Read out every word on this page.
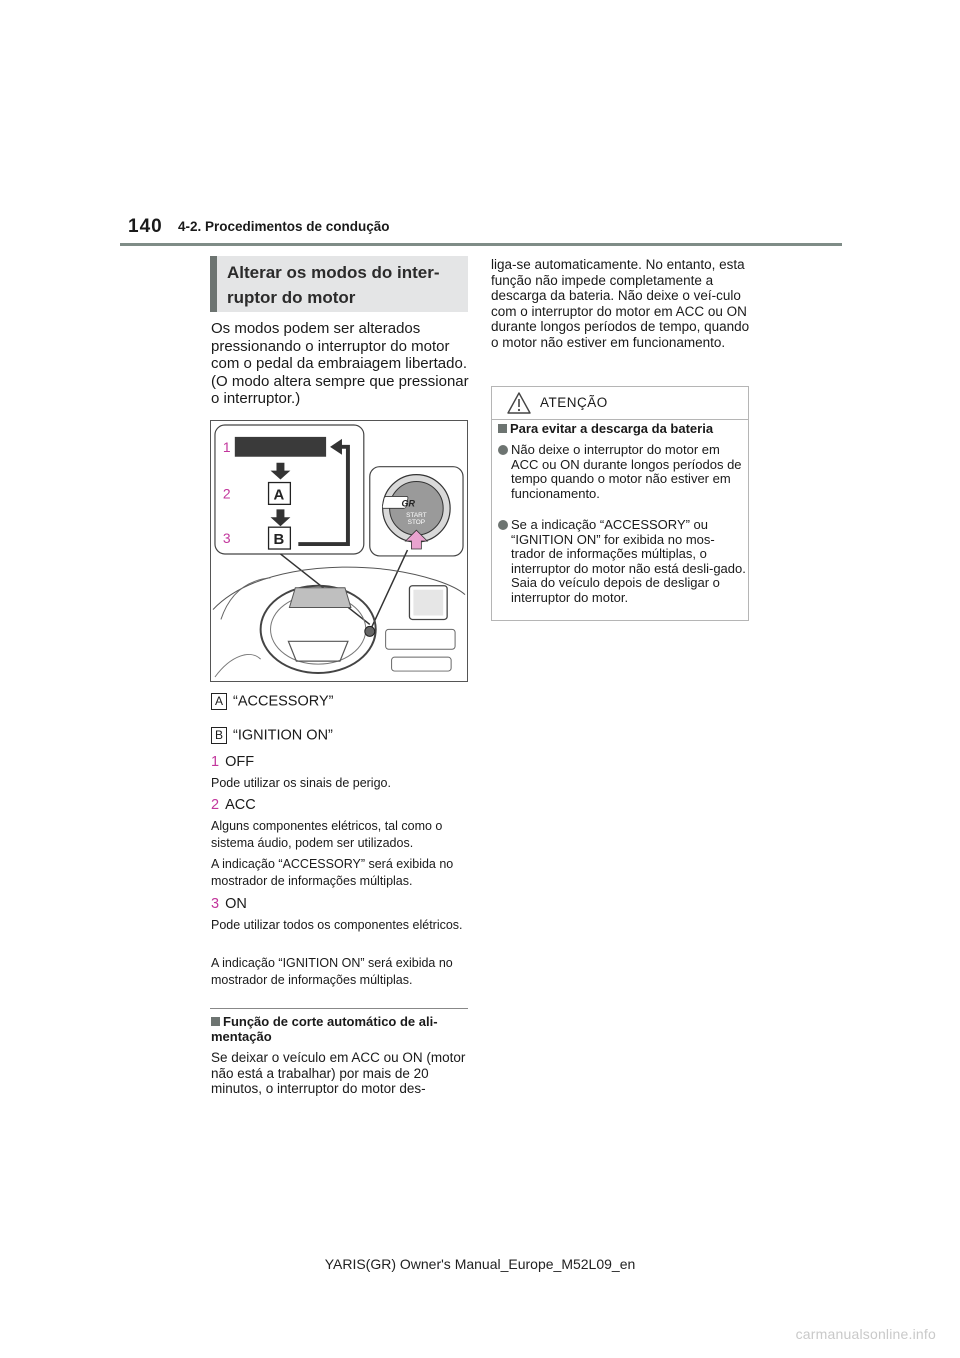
140 4-2. Procedimentos de condução
Alterar os modos do inter-
ruptor do motor
Os modos podem ser alterados pressionando o interruptor do motor com o pedal da embraiagem libertado. (O modo altera sempre que pressionar o interruptor.)
1
2	A
3	B
GR
START
STOP
A “ACCESSORY”
B “IGNITION ON”
1 OFF
Pode utilizar os sinais de perigo.
2 ACC
Alguns componentes elétricos, tal como o sistema áudio, podem ser utilizados.
A indicação “ACCESSORY” será exibida no mostrador de informações múltiplas.
3 ON
Pode utilizar todos os componentes elétricos.
A indicação “IGNITION ON” será exibida no mostrador de informações múltiplas.
Função de corte automático de ali-mentação
Se deixar o veículo em ACC ou ON (motor não está a trabalhar) por mais de 20 minutos, o interruptor do motor des-
liga-se automaticamente. No entanto, esta função não impede completamente a descarga da bateria. Não deixe o veí-culo com o interruptor do motor em ACC ou ON durante longos períodos de tempo, quando o motor não estiver em funcionamento.
ATENÇÃO
Para evitar a descarga da bateria
Não deixe o interruptor do motor em ACC ou ON durante longos períodos de tempo quando o motor não estiver em funcionamento.
Se a indicação “ACCESSORY” ou “IGNITION ON” for exibida no mos-trador de informações múltiplas, o interruptor do motor não está desli-gado. Saia do veículo depois de desligar o interruptor do motor.
YARIS(GR) Owner's Manual_Europe_M52L09_en
carmanualsonline.info
